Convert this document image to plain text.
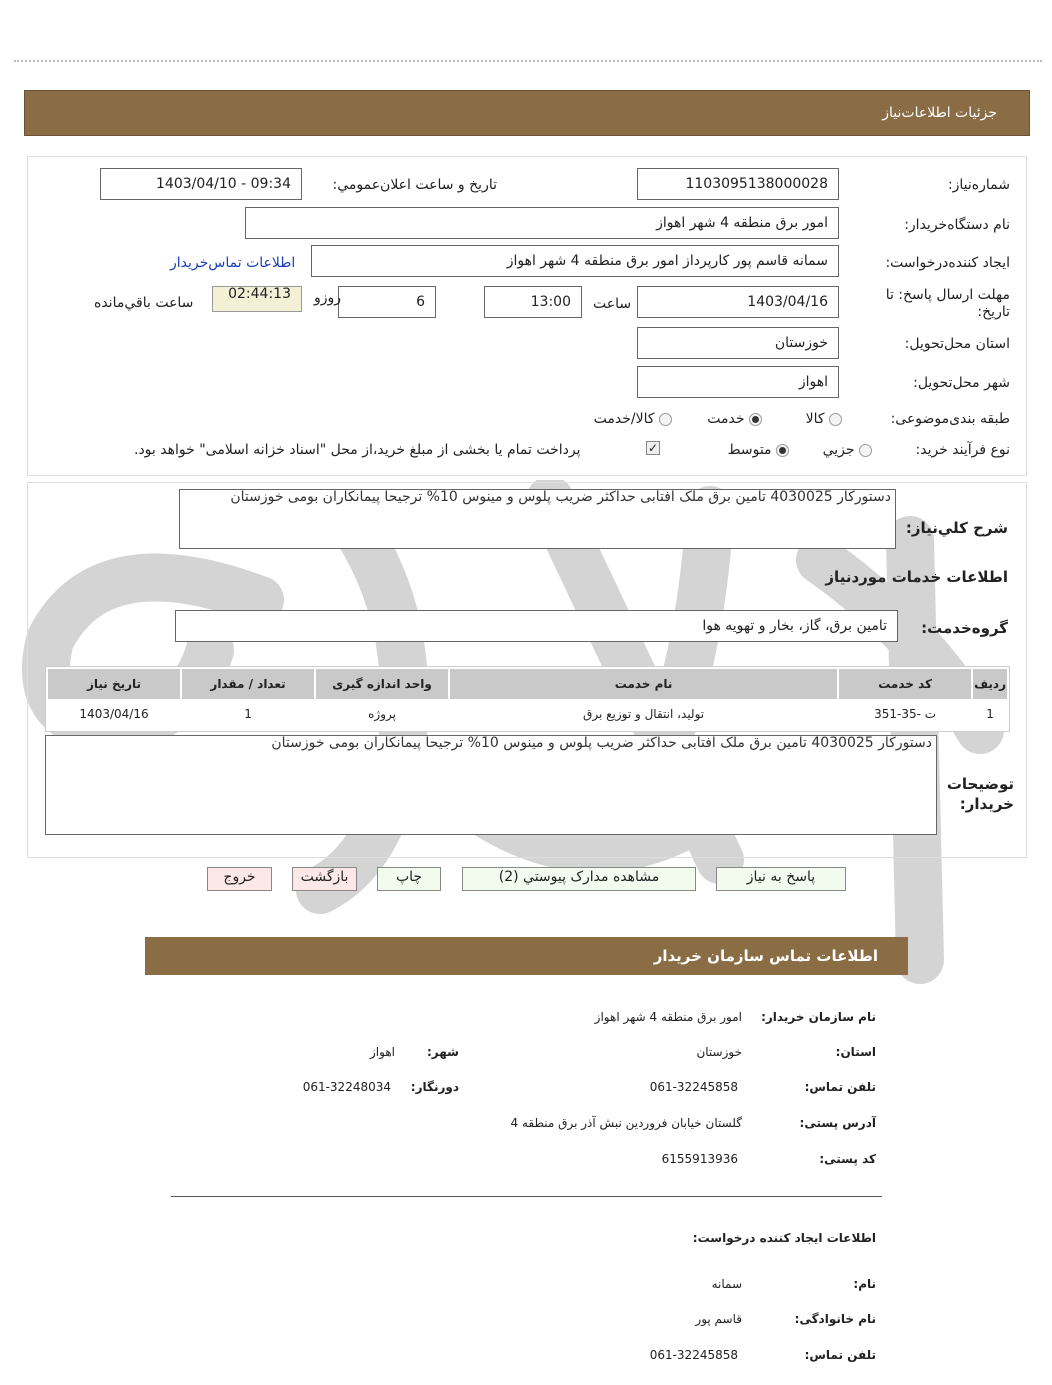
جزئيات اطلاعات‌نياز
شماره‌نیاز:
1103095138000028
تاريخ و ساعت اعلان‌عمومي:
1403/04/10 - 09:34
نام دستگاه‌خريدار:
امور برق منطقه 4 شهر اهواز
ايجاد کننده‌درخواست:
سمانه قاسم پور كارپرداز امور برق منطقه 4 شهر اهواز
اطلاعات تماس‌خريدار
مهلت ارسال پاسخ: تا تاريخ:
1403/04/16
ساعت
13:00
6
روزو
02:44:13
ساعت باقي‌مانده
استان محل‌تحويل:
خوزستان
شهر محل‌تحويل:
اهواز
طبقه بندی‌موضوعی:
كالا
خدمت
كالا/خدمت
نوع فرآيند خريد:
جزيي
متوسط
✓
پرداخت تمام يا بخشی از مبلغ خريد،از محل "اسناد خزانه اسلامی" خواهد بود.
شرح كلي‌نياز:
دستورکار 4030025 تامین برق ملک افتابی حداکثر ضریب پلوس و مینوس 10% ترجیحا پیمانکاران بومی خوزستان
اطلاعات خدمات موردنياز
گروه‌خدمت:
تامين برق، گاز، بخار و تهويه هوا
رديف	کد خدمت	نام خدمت	واحد اندازه گيری	تعداد / مقدار	تاريخ نياز
1	ت -35-351	توليد، انتقال و توزيع برق	پروژه	1	1403/04/16
توضيحات
خريدار:
دستورکار 4030025 تامین برق ملک افتابی حداکثر ضریب پلوس و مینوس 10% ترجیحا پیمانکاران بومی خوزستان
پاسخ به نياز
مشاهده مدارک پيوستي (2)
چاپ
بازگشت
خروج
اطلاعات تماس سازمان خريدار
نام سازمان خريدار:
امور برق منطقه 4 شهر اهواز
استان:
خوزستان
شهر:
اهواز
تلفن تماس:
061-32245858
دورنگار:
061-32248034
آدرس پستی:
گلستان خيابان فروردين نبش آذر برق منطقه 4
کد پستی:
6155913936
اطلاعات ايجاد كننده درخواست:
نام:
سمانه
نام خانوادگی:
قاسم پور
تلفن تماس:
061-32245858
